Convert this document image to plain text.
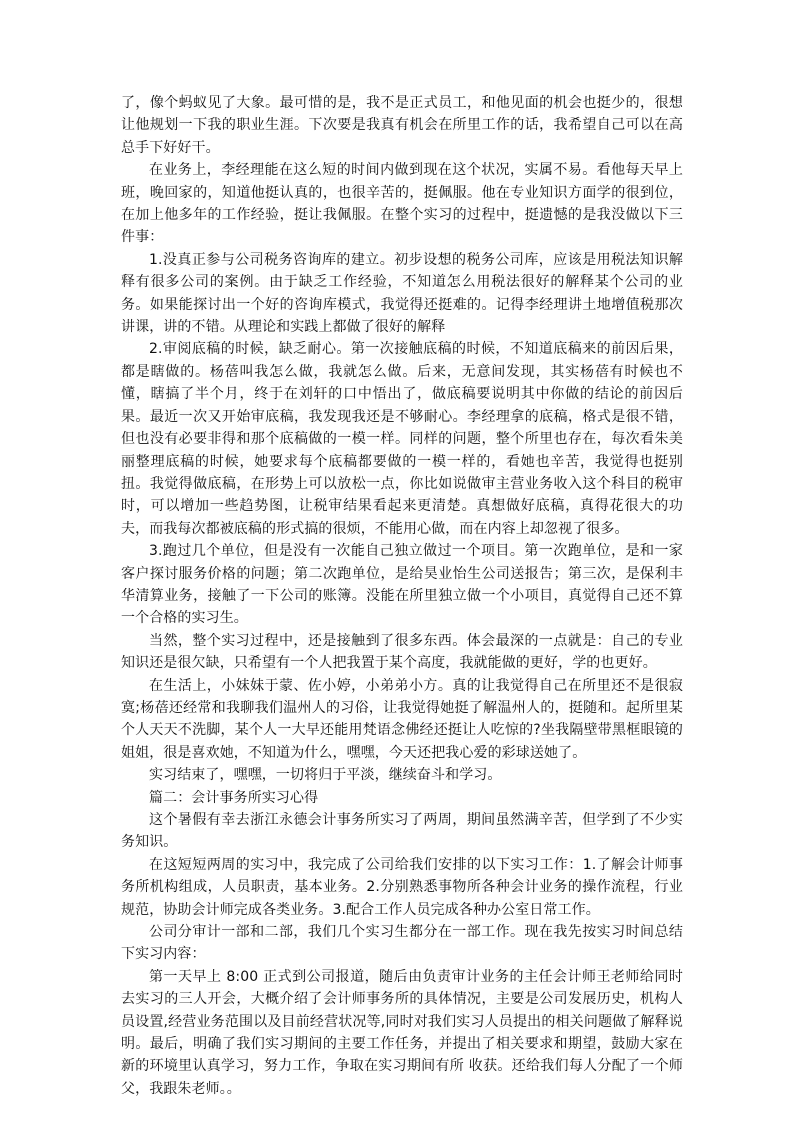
了，像个蚂蚁见了大象。最可惜的是，我不是正式员工，和他见面的机会也挺少的，很想让他规划一下我的职业生涯。下次要是我真有机会在所里工作的话，我希望自己可以在高总手下好好干。

在业务上，李经理能在这么短的时间内做到现在这个状况，实属不易。看他每天早上班，晚回家的，知道他挺认真的，也很辛苦的，挺佩服。他在专业知识方面学的很到位，在加上他多年的工作经验，挺让我佩服。在整个实习的过程中，挺遗憾的是我没做以下三件事：

1.没真正参与公司税务咨询库的建立。初步设想的税务公司库，应该是用税法知识解释有很多公司的案例。由于缺乏工作经验，不知道怎么用税法很好的解释某个公司的业务。如果能探讨出一个好的咨询库模式，我觉得还挺难的。记得李经理讲土地增值税那次讲课，讲的不错。从理论和实践上都做了很好的解释

2.审阅底稿的时候，缺乏耐心。第一次接触底稿的时候，不知道底稿来的前因后果，都是瞎做的。杨蓓叫我怎么做，我就怎么做。后来，无意间发现，其实杨蓓有时候也不懂，瞎搞了半个月，终于在刘轩的口中悟出了，做底稿要说明其中你做的结论的前因后果。最近一次又开始审底稿，我发现我还是不够耐心。李经理拿的底稿，格式是很不错，但也没有必要非得和那个底稿做的一模一样。同样的问题，整个所里也存在，每次看朱美丽整理底稿的时候，她要求每个底稿都要做的一模一样的，看她也辛苦，我觉得也挺别扭。我觉得做底稿，在形势上可以放松一点，你比如说做审主营业务收入这个科目的税审时，可以增加一些趋势图，让税审结果看起来更清楚。真想做好底稿，真得花很大的功夫，而我每次都被底稿的形式搞的很烦，不能用心做，而在内容上却忽视了很多。

3.跑过几个单位，但是没有一次能自己独立做过一个项目。第一次跑单位，是和一家客户探讨服务价格的问题；第二次跑单位，是给昊业怡生公司送报告；第三次，是保利丰华清算业务，接触了一下公司的账簿。没能在所里独立做一个小项目，真觉得自己还不算一个合格的实习生。

当然，整个实习过程中，还是接触到了很多东西。体会最深的一点就是：自己的专业知识还是很欠缺，只希望有一个人把我置于某个高度，我就能做的更好，学的也更好。

在生活上，小妹妹于蒙、佐小婷，小弟弟小方。真的让我觉得自己在所里还不是很寂寞;杨蓓还经常和我聊我们温州人的习俗，让我觉得她挺了解温州人的，挺随和。起所里某个人天天不洗脚，某个人一大早还能用梵语念佛经还挺让人吃惊的?坐我隔壁带黑框眼镜的姐姐，很是喜欢她，不知道为什么，嘿嘿，今天还把我心爱的彩球送她了。

实习结束了，嘿嘿，一切将归于平淡，继续奋斗和学习。

篇二：会计事务所实习心得

这个暑假有幸去浙江永德会计事务所实习了两周，期间虽然满辛苦，但学到了不少实务知识。

在这短短两周的实习中，我完成了公司给我们安排的以下实习工作：1.了解会计师事务所机构组成，人员职责，基本业务。2.分别熟悉事物所各种会计业务的操作流程，行业规范，协助会计师完成各类业务。3.配合工作人员完成各种办公室日常工作。

公司分审计一部和二部，我们几个实习生都分在一部工作。现在我先按实习时间总结下实习内容：

第一天早上 8:00 正式到公司报道，随后由负责审计业务的主任会计师王老师给同时去实习的三人开会，大概介绍了会计师事务所的具体情况，主要是公司发展历史，机构人员设置,经营业务范围以及目前经营状况等,同时对我们实习人员提出的相关问题做了解释说明。最后，明确了我们实习期间的主要工作任务，并提出了相关要求和期望，鼓励大家在新的环境里认真学习，努力工作，争取在实习期间有所 收获。还给我们每人分配了一个师父，我跟朱老师。。
